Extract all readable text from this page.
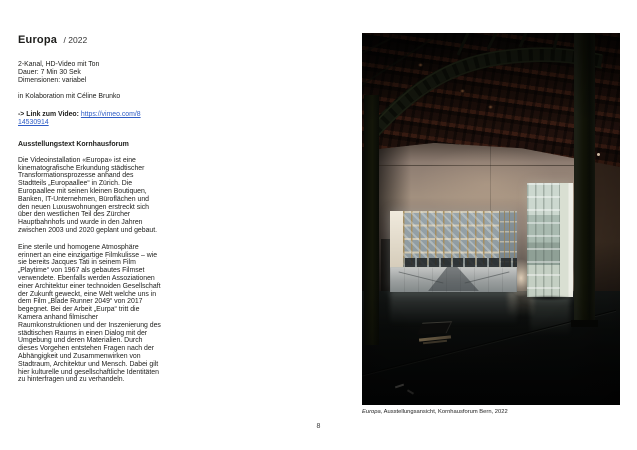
Europa / 2022
2-Kanal, HD-Video mit Ton
Dauer: 7 Min 30 Sek
Dimensionen: variabel
in Kolaboration mit Céline Brunko
-> Link zum Video: https://vimeo.com/814530914
Ausstellungstext Kornhausforum

Die Videoinstallation «Europa» ist eine kinematografische Erkundung städtischer Transformationsprozesse anhand des Stadtteils „Europaallee“ in Zürich. Die Europaallee mit seinen kleinen Boutiquen, Banken, IT-Unternehmen, Büroflächen und den neuen Luxuswohnungen erstreckt sich über den westlichen Teil des Zürcher Hauptbahnhofs und wurde in den Jahren zwischen 2003 und 2020 geplant und gebaut.

Eine sterile und homogene Atmosphäre erinnert an eine einzigartige Filmkulisse – wie sie bereits Jacques Tati in seinem Film „Playtime“ von 1967 als gebautes Filmset verwendete. Ebenfalls werden Assoziationen einer Architektur einer technoiden Gesellschaft der Zukunft geweckt, eine Welt welche uns in dem Film „Blade Runner 2049“ von 2017 begegnet. Bei der Arbeit „Eurpa“ tritt die Kamera anhand filmischer Raumkonstruktionen und der Inszenierung des städtischen Raums in einen Dialog mit der Umgebung und deren Materialien. Durch dieses Vorgehen entstehen Fragen nach der Abhängigkeit und Zusammenwirken von Stadtraum, Architektur und Mensch. Dabei gilt hier kulturelle und gesellschaftliche Identitäten zu hinterfragen und zu verhandeln.

Europa, Ausstellungsansicht, Kornhausforum Bern, 2022
8
